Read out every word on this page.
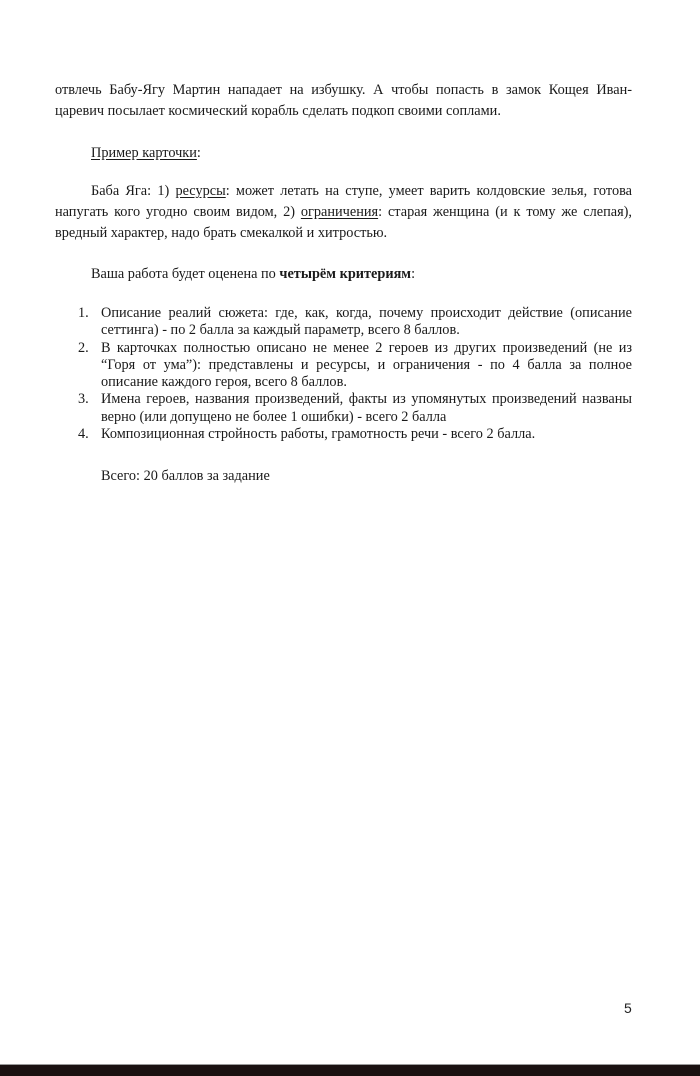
отвлечь Бабу-Ягу Мартин нападает на избушку. А чтобы попасть в замок Кощея Иван-царевич посылает космический корабль сделать подкоп своими соплами.

Пример карточки:

Баба Яга: 1) ресурсы: может летать на ступе, умеет варить колдовские зелья, готова напугать кого угодно своим видом, 2) ограничения: старая женщина (и к тому же слепая), вредный характер, надо брать смекалкой и хитростью.

Ваша работа будет оценена по четырём критериям:

1. Описание реалий сюжета: где, как, когда, почему происходит действие (описание сеттинга) - по 2 балла за каждый параметр, всего 8 баллов.
2. В карточках полностью описано не менее 2 героев из других произведений (не из “Горя от ума”): представлены и ресурсы, и ограничения - по 4 балла за полное описание каждого героя, всего 8 баллов.
3. Имена героев, названия произведений, факты из упомянутых произведений названы верно (или допущено не более 1 ошибки) - всего 2 балла
4. Композиционная стройность работы, грамотность речи - всего 2 балла.

Всего: 20 баллов за задание

5
